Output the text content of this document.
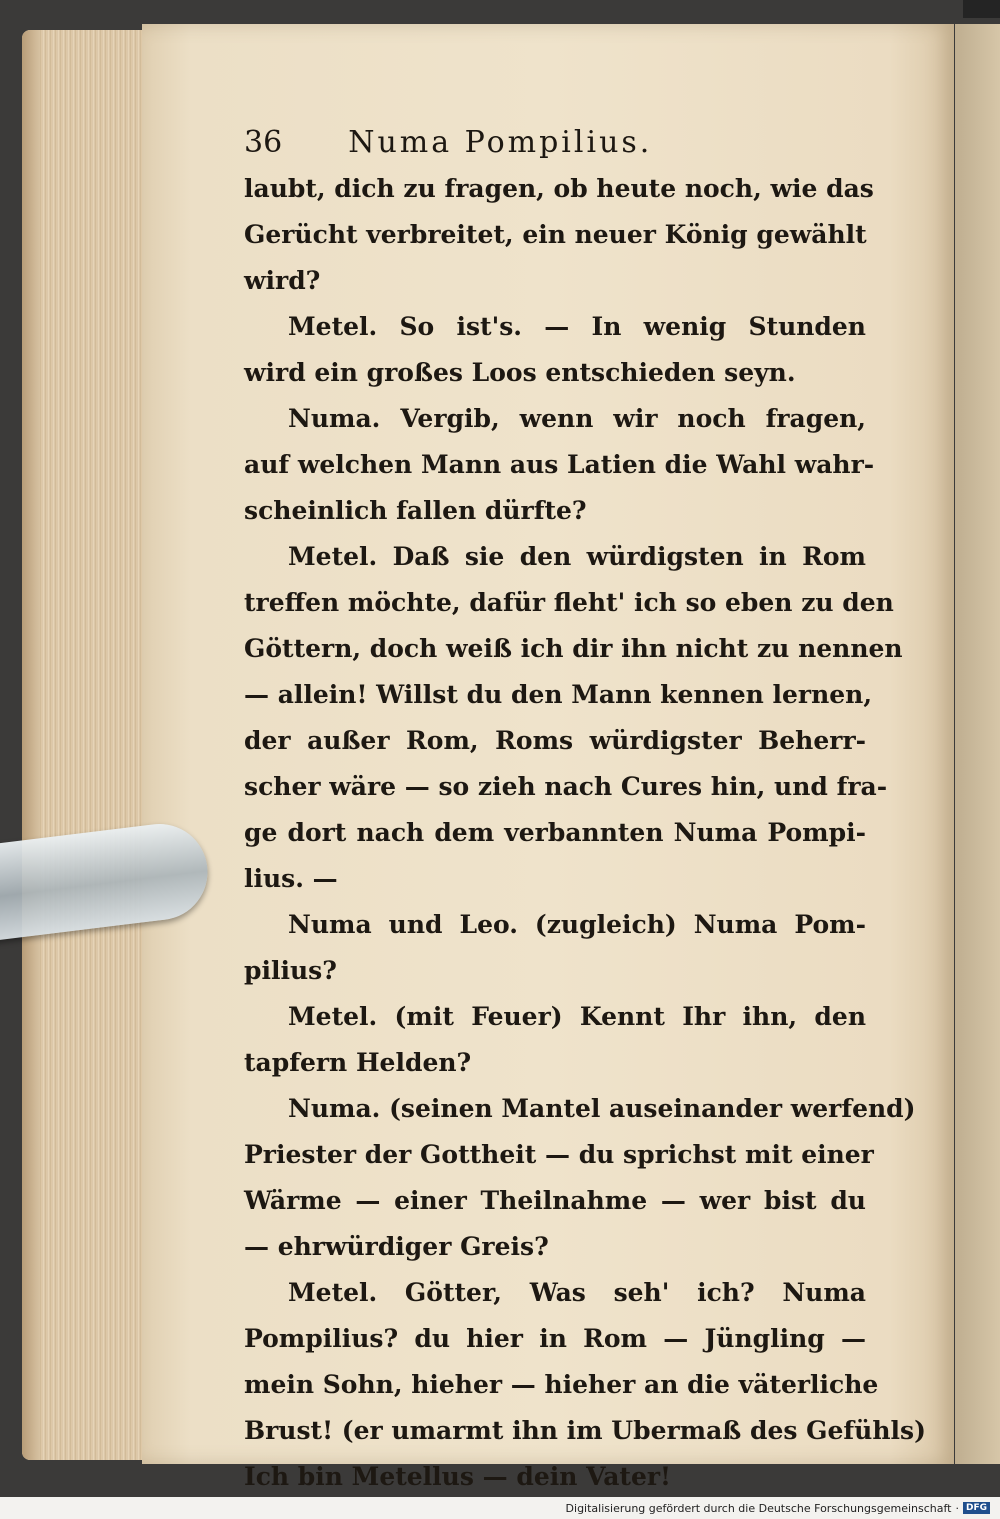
36 Numa Pompilius.
laubt, dich zu fragen, ob heute noch, wie das
Gerücht verbreitet, ein neuer König gewählt
wird?
Metel. So ist's. — In wenig Stunden
wird ein großes Loos entschieden seyn.
Numa. Vergib, wenn wir noch fragen,
auf welchen Mann aus Latien die Wahl wahr-
scheinlich fallen dürfte?
Metel. Daß sie den würdigsten in Rom
treffen möchte, dafür fleht' ich so eben zu den
Göttern, doch weiß ich dir ihn nicht zu nennen
— allein! Willst du den Mann kennen lernen,
der außer Rom, Roms würdigster Beherr-
scher wäre — so zieh nach Cures hin, und fra-
ge dort nach dem verbannten Numa Pompi-
lius. —
Numa und Leo. (zugleich) Numa Pom-
pilius?
Metel. (mit Feuer) Kennt Ihr ihn, den
tapfern Helden?
Numa. (seinen Mantel auseinander werfend)
Priester der Gottheit — du sprichst mit einer
Wärme — einer Theilnahme — wer bist du
— ehrwürdiger Greis?
Metel. Götter, Was seh' ich? Numa
Pompilius? du hier in Rom — Jüngling —
mein Sohn, hieher — hieher an die väterliche
Brust! (er umarmt ihn im Ubermaß des Gefühls)
Ich bin Metellus — dein Vater!
Digitalisierung gefördert durch die Deutsche Forschungsgemeinschaft · DFG
